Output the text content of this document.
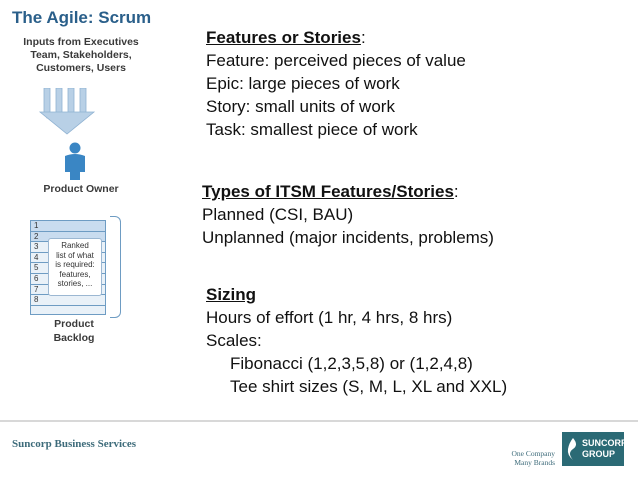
The Agile: Scrum
Inputs from Executives
Team, Stakeholders,
Customers, Users
Product Owner
1
2
3
4
5
6
7
8
Ranked
list of what
is required:
features,
stories, ...
Product
Backlog
Features or Stories:
Feature: perceived pieces of value
Epic: large pieces of work
Story: small units of work
Task: smallest piece of work
Types of ITSM Features/Stories:
Planned (CSI, BAU)
Unplanned (major incidents, problems)
Sizing
Hours of effort (1 hr, 4 hrs, 8 hrs)
Scales:
Fibonacci (1,2,3,5,8) or (1,2,4,8)
Tee shirt sizes (S, M, L, XL and XXL)
Suncorp Business Services
One Company
Many Brands
SUNCORP
GROUP
